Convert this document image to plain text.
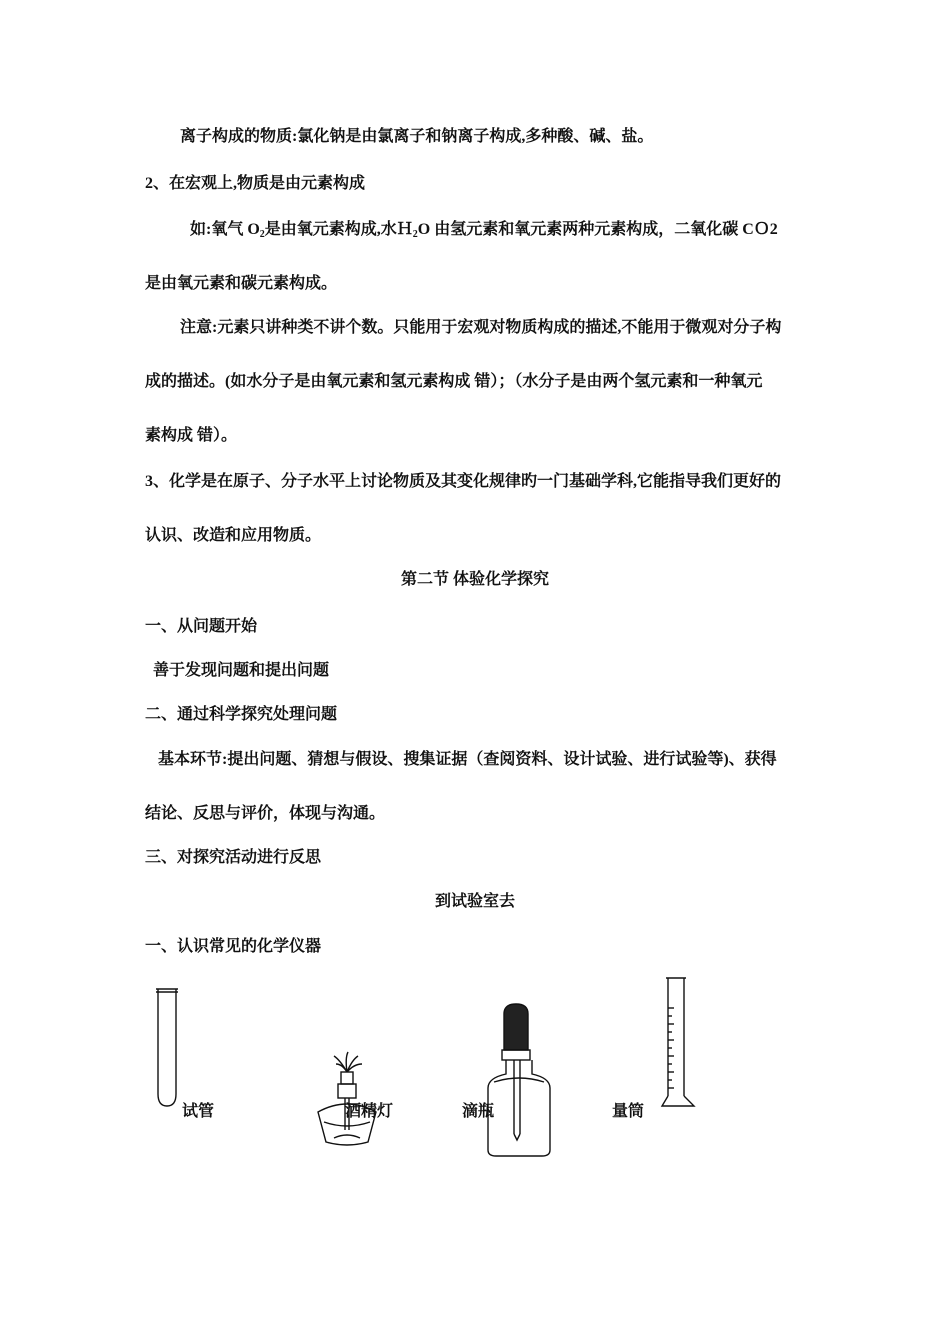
离子构成的物质:氯化钠是由氯离子和钠离子构成,多种酸、碱、盐。
2、在宏观上,物质是由元素构成
如:氧气 $O_2$是由氧元素构成,水Ｈ$_2$O 由氢元素和氧元素两种元素构成，二氧化碳 CＯ2
是由氧元素和碳元素构成。
注意:元素只讲种类不讲个数。只能用于宏观对物质构成的描述,不能用于微观对分子构
成的描述。(如水分子是由氧元素和氢元素构成 错）；（水分子是由两个氢元素和一种氧元
素构成 错）。
3、化学是在原子、分子水平上讨论物质及其变化规律旳一门基础学科,它能指导我们更好的
认识、改造和应用物质。
第二节 体验化学探究
一、从问题开始
善于发现问题和提出问题
二、通过科学探究处理问题
基本环节:提出问题、猜想与假设、搜集证据（查阅资料、设计试验、进行试验等)、获得
结论、反思与评价，体现与沟通。
三、对探究活动进行反思
到试验室去
一、认识常见的化学仪器
试管	酒精灯	滴瓶	量筒
